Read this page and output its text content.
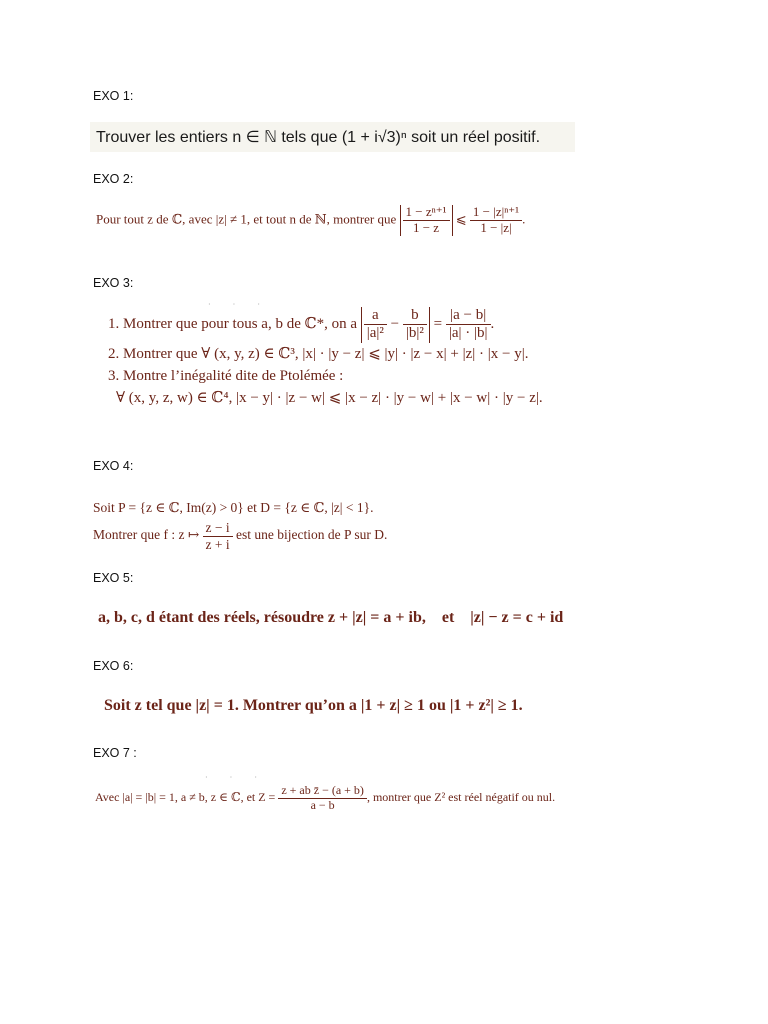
EXO 1:
Trouver les entiers n ∈ ℕ tels que (1 + i√3)ⁿ soit un réel positif.
EXO 2:
Pour tout z de ℂ, avec |z| ≠ 1, et tout n de ℕ, montrer que $\frac{\text{1 − zⁿ⁺¹}}{1 - z}$ ⩽ $\frac{\text{1 − |z|ⁿ⁺¹}}{1 - |z|}$ .
EXO 3:
· · ·
1. Montrer que pour tous a, b de ℂ*, on a $\frac{a}{\text{|a|²}} - \frac{b}{\text{|b|²}} = \frac{|a - b|}{|a| \cdot |b|}$ .
2. Montrer que ∀ (x, y, z) ∈ ℂ³, |x| · |y − z| ⩽ |y| · |z − x| + |z| · |x − y|.
3. Montre l’inégalité dite de Ptolémée :
∀ (x, y, z, w) ∈ ℂ⁴, |x − y| · |z − w| ⩽ |x − z| · |y − w| + |x − w| · |y − z|.
EXO 4:
Soit P = {z ∈ ℂ, Im(z) > 0} et D = {z ∈ ℂ, |z| < 1}.
Montrer que f : z ↦ $\frac{z - i}{z + i}$ est une bijection de P sur D.
EXO 5:
a, b, c, d étant des réels, résoudre z + |z| = a + ib,    et    |z| − z = c + id
EXO 6:
Soit z tel que |z| = 1. Montrer qu’on a |1 + z| ≥ 1 ou |1 + z²| ≥ 1.
EXO 7 :
· · ·
Avec |a| = |b| = 1, a ≠ b, z ∈ ℂ, et $Z = \frac{\text{z + ab z̄ − (a + b)}}{a - b}$ , montrer que Z² est réel négatif ou nul.
